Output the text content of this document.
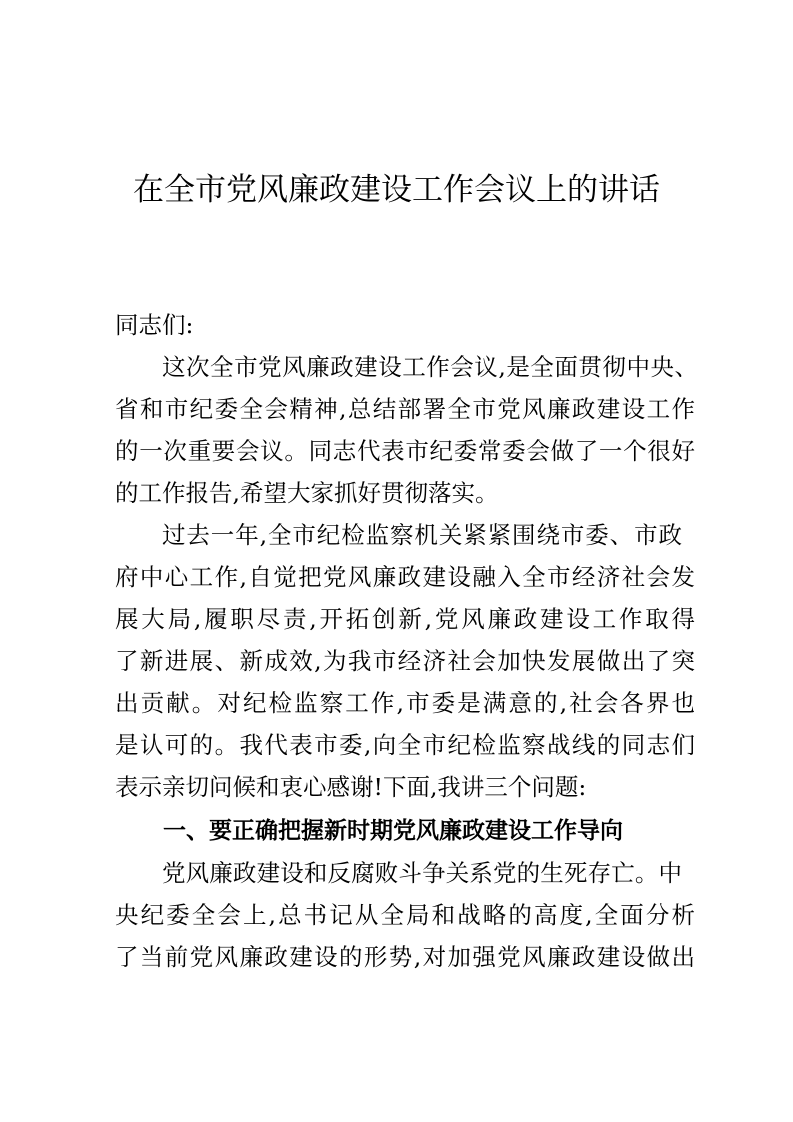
在全市党风廉政建设工作会议上的讲话
同志们:
这次全市党风廉政建设工作会议,是全面贯彻中央、
省和市纪委全会精神,总结部署全市党风廉政建设工作
的一次重要会议。同志代表市纪委常委会做了一个很好
的工作报告,希望大家抓好贯彻落实。
过去一年,全市纪检监察机关紧紧围绕市委、市政
府中心工作,自觉把党风廉政建设融入全市经济社会发
展大局,履职尽责,开拓创新,党风廉政建设工作取得
了新进展、新成效,为我市经济社会加快发展做出了突
出贡献。对纪检监察工作,市委是满意的,社会各界也
是认可的。我代表市委,向全市纪检监察战线的同志们
表示亲切问候和衷心感谢!下面,我讲三个问题:
一、要正确把握新时期党风廉政建设工作导向
党风廉政建设和反腐败斗争关系党的生死存亡。中
央纪委全会上,总书记从全局和战略的高度,全面分析
了当前党风廉政建设的形势,对加强党风廉政建设做出
